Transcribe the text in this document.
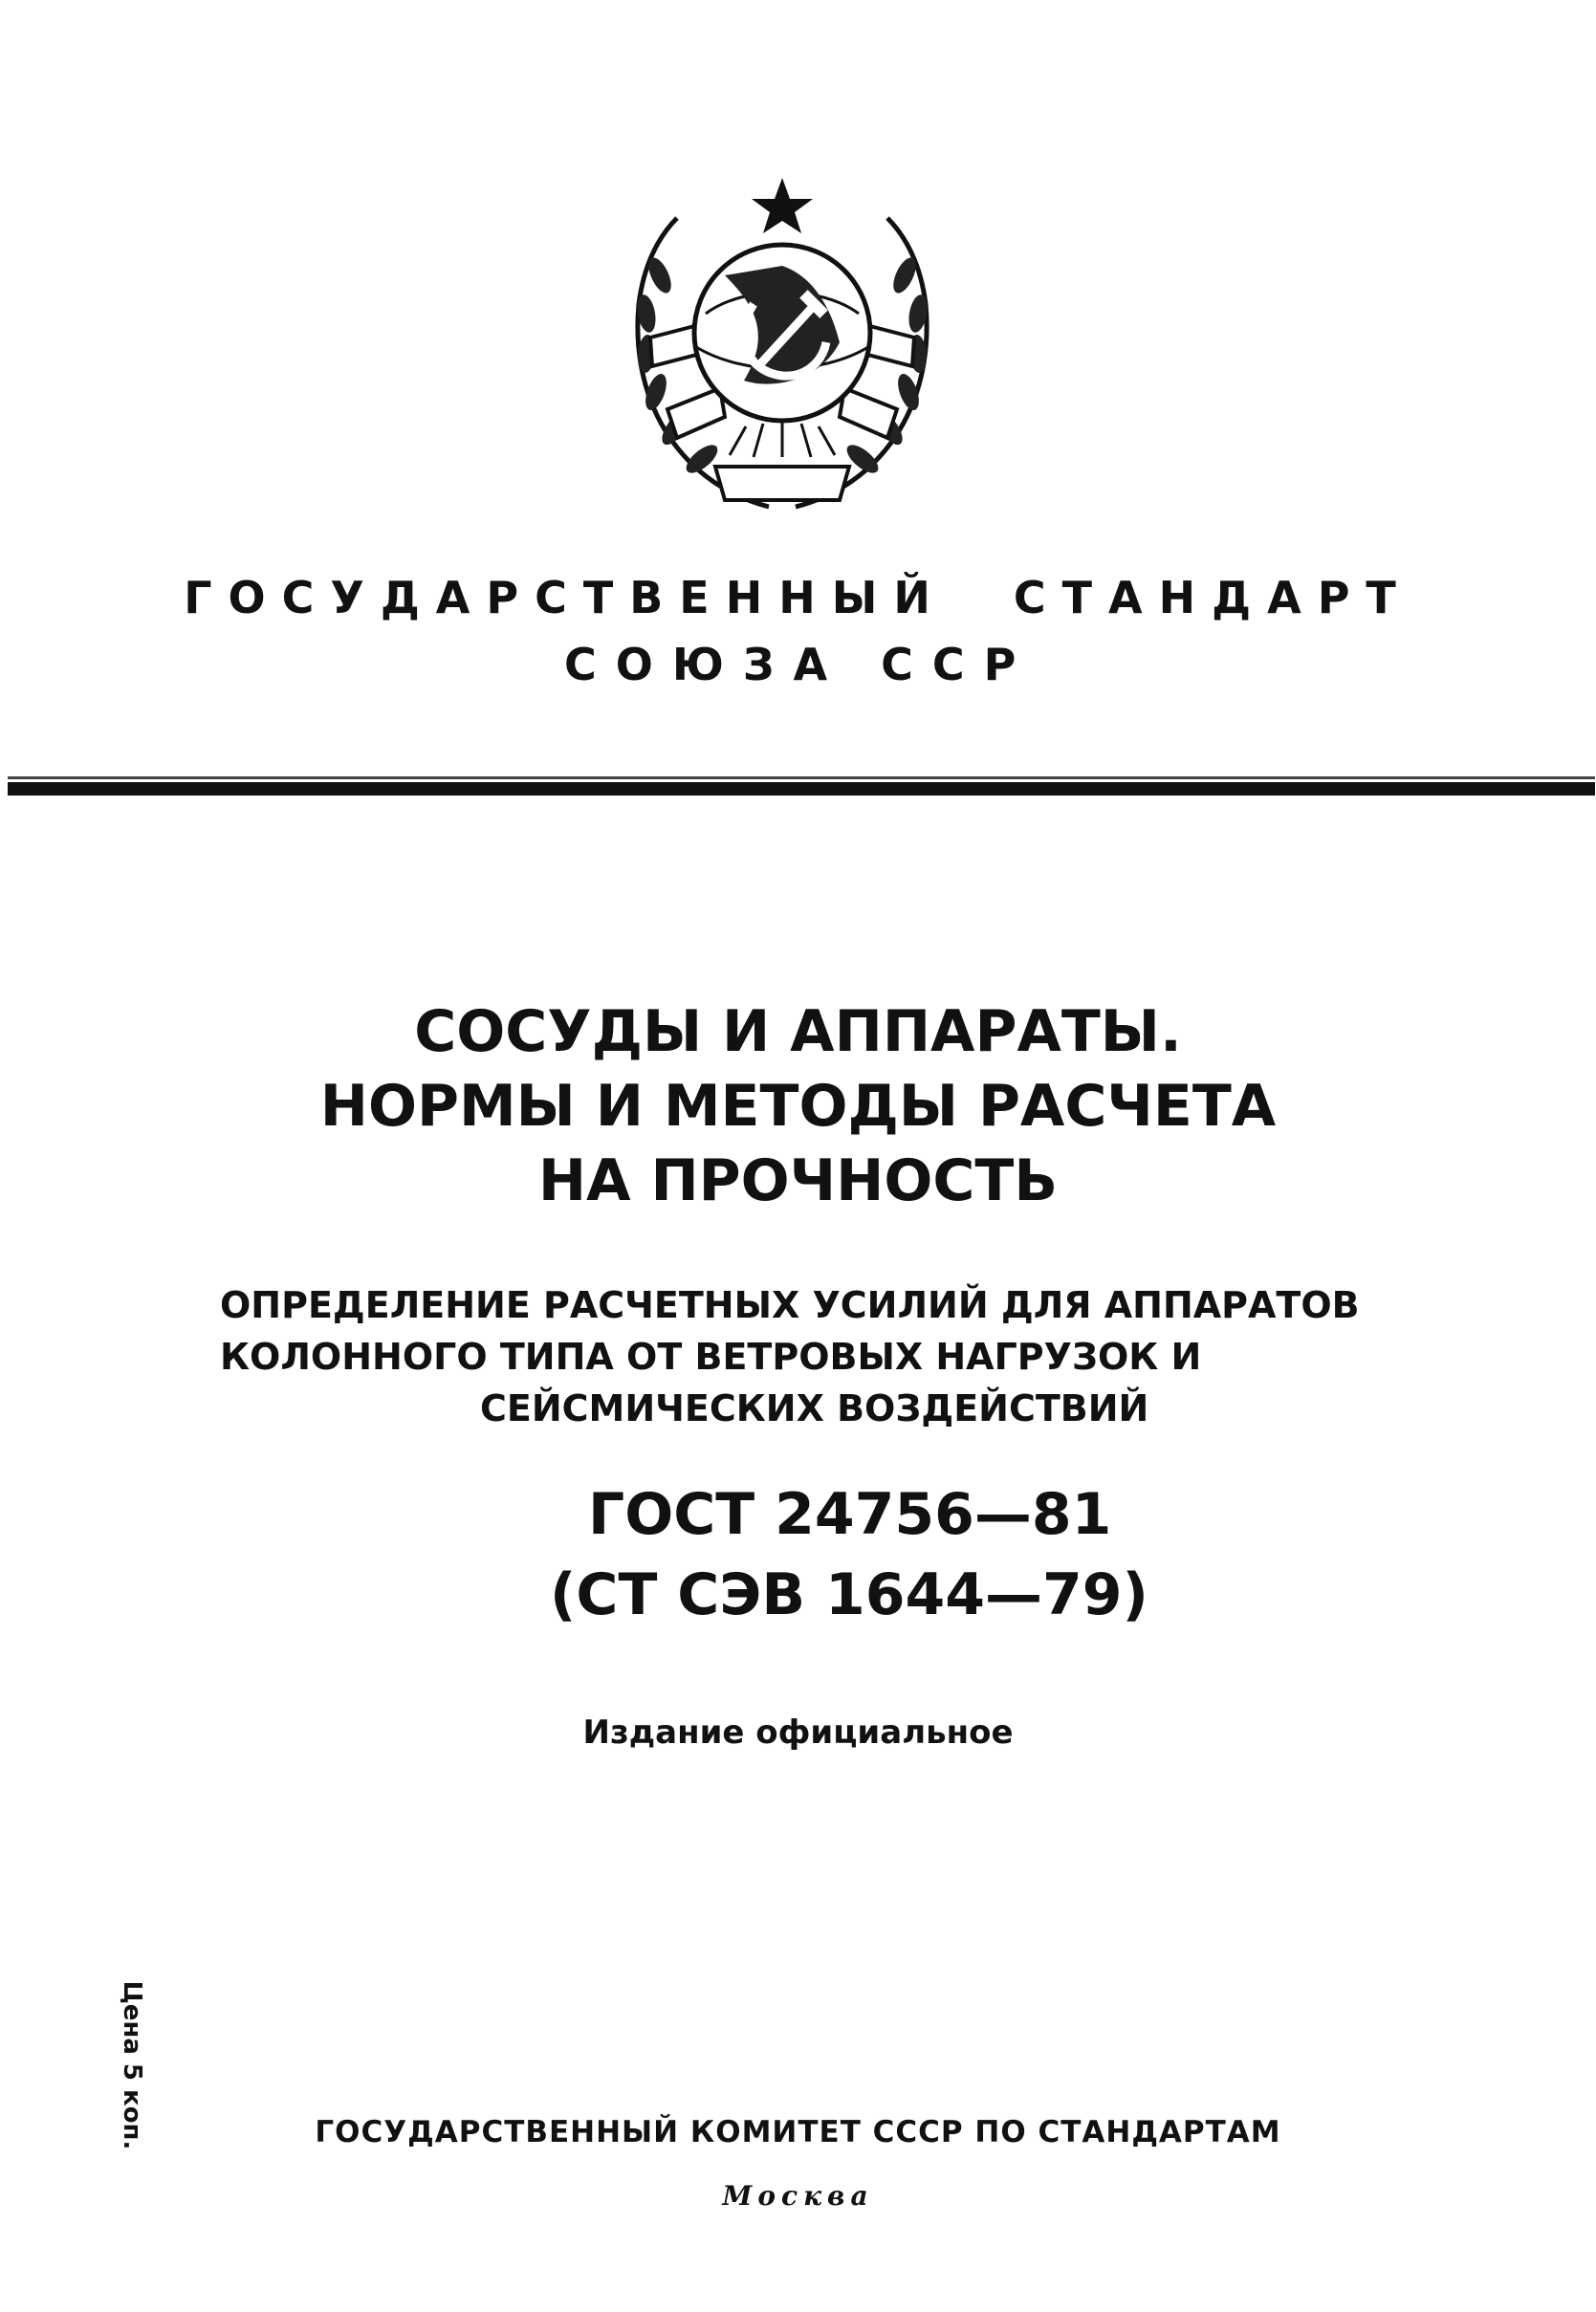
ГОСУДАРСТВЕННЫЙ СТАНДАРТ
СОЮЗА ССР
СОСУДЫ И АППАРАТЫ.
НОРМЫ И МЕТОДЫ РАСЧЕТА
НА ПРОЧНОСТЬ
ОПРЕДЕЛЕНИЕ РАСЧЕТНЫХ УСИЛИЙ ДЛЯ АППАРАТОВ
КОЛОННОГО ТИПА ОТ ВЕТРОВЫХ НАГРУЗОК И
СЕЙСМИЧЕСКИХ ВОЗДЕЙСТВИЙ
ГОСТ 24756—81
(СТ СЭВ 1644—79)
Издание официальное
Цена 5 коп.	ГОСУДАРСТВЕННЫЙ КОМИТЕТ СССР ПО СТАНДАРТАМ
Москва
